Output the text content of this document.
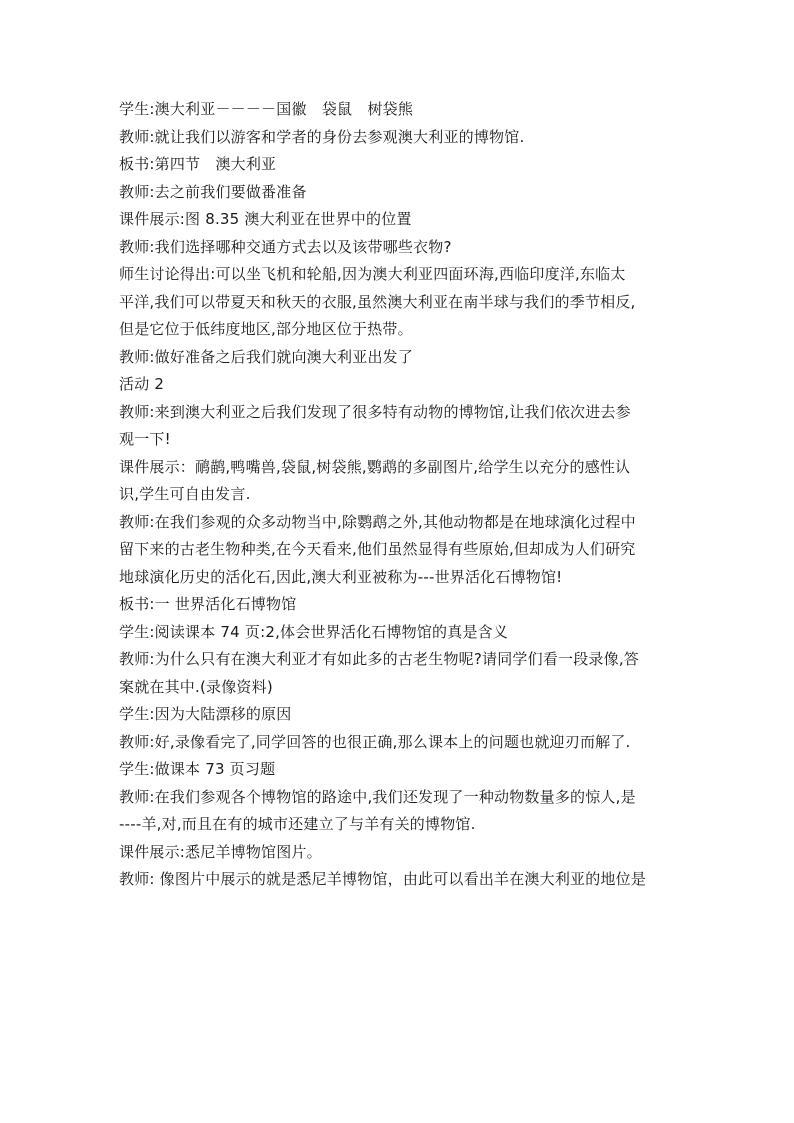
学生:澳大利亚－－－－国徽　袋鼠　树袋熊

教师:就让我们以游客和学者的身份去参观澳大利亚的博物馆.

板书:第四节　澳大利亚

教师:去之前我们要做番准备

课件展示:图 8.35 澳大利亚在世界中的位置

教师:我们选择哪种交通方式去以及该带哪些衣物?

师生讨论得出:可以坐飞机和轮船,因为澳大利亚四面环海,西临印度洋,东临太

平洋,我们可以带夏天和秋天的衣服,虽然澳大利亚在南半球与我们的季节相反,

但是它位于低纬度地区,部分地区位于热带。

教师:做好准备之后我们就向澳大利亚出发了

活动 2

教师:来到澳大利亚之后我们发现了很多特有动物的博物馆,让我们依次进去参

观一下!

课件展示：鸸鹋,鸭嘴兽,袋鼠,树袋熊,鹦鹉的多副图片,给学生以充分的感性认

识,学生可自由发言.

教师:在我们参观的众多动物当中,除鹦鹉之外,其他动物都是在地球演化过程中

留下来的古老生物种类,在今天看来,他们虽然显得有些原始,但却成为人们研究

地球演化历史的活化石,因此,澳大利亚被称为---世界活化石博物馆!

板书:一 世界活化石博物馆

学生:阅读课本 74 页:2,体会世界活化石博物馆的真是含义

教师:为什么只有在澳大利亚才有如此多的古老生物呢?请同学们看一段录像,答

案就在其中.(录像资料)

学生:因为大陆漂移的原因

教师:好,录像看完了,同学回答的也很正确,那么课本上的问题也就迎刃而解了.

学生:做课本 73 页习题

教师:在我们参观各个博物馆的路途中,我们还发现了一种动物数量多的惊人,是

----羊,对,而且在有的城市还建立了与羊有关的博物馆.

课件展示:悉尼羊博物馆图片。

教师: 像图片中展示的就是悉尼羊博物馆，由此可以看出羊在澳大利亚的地位是
